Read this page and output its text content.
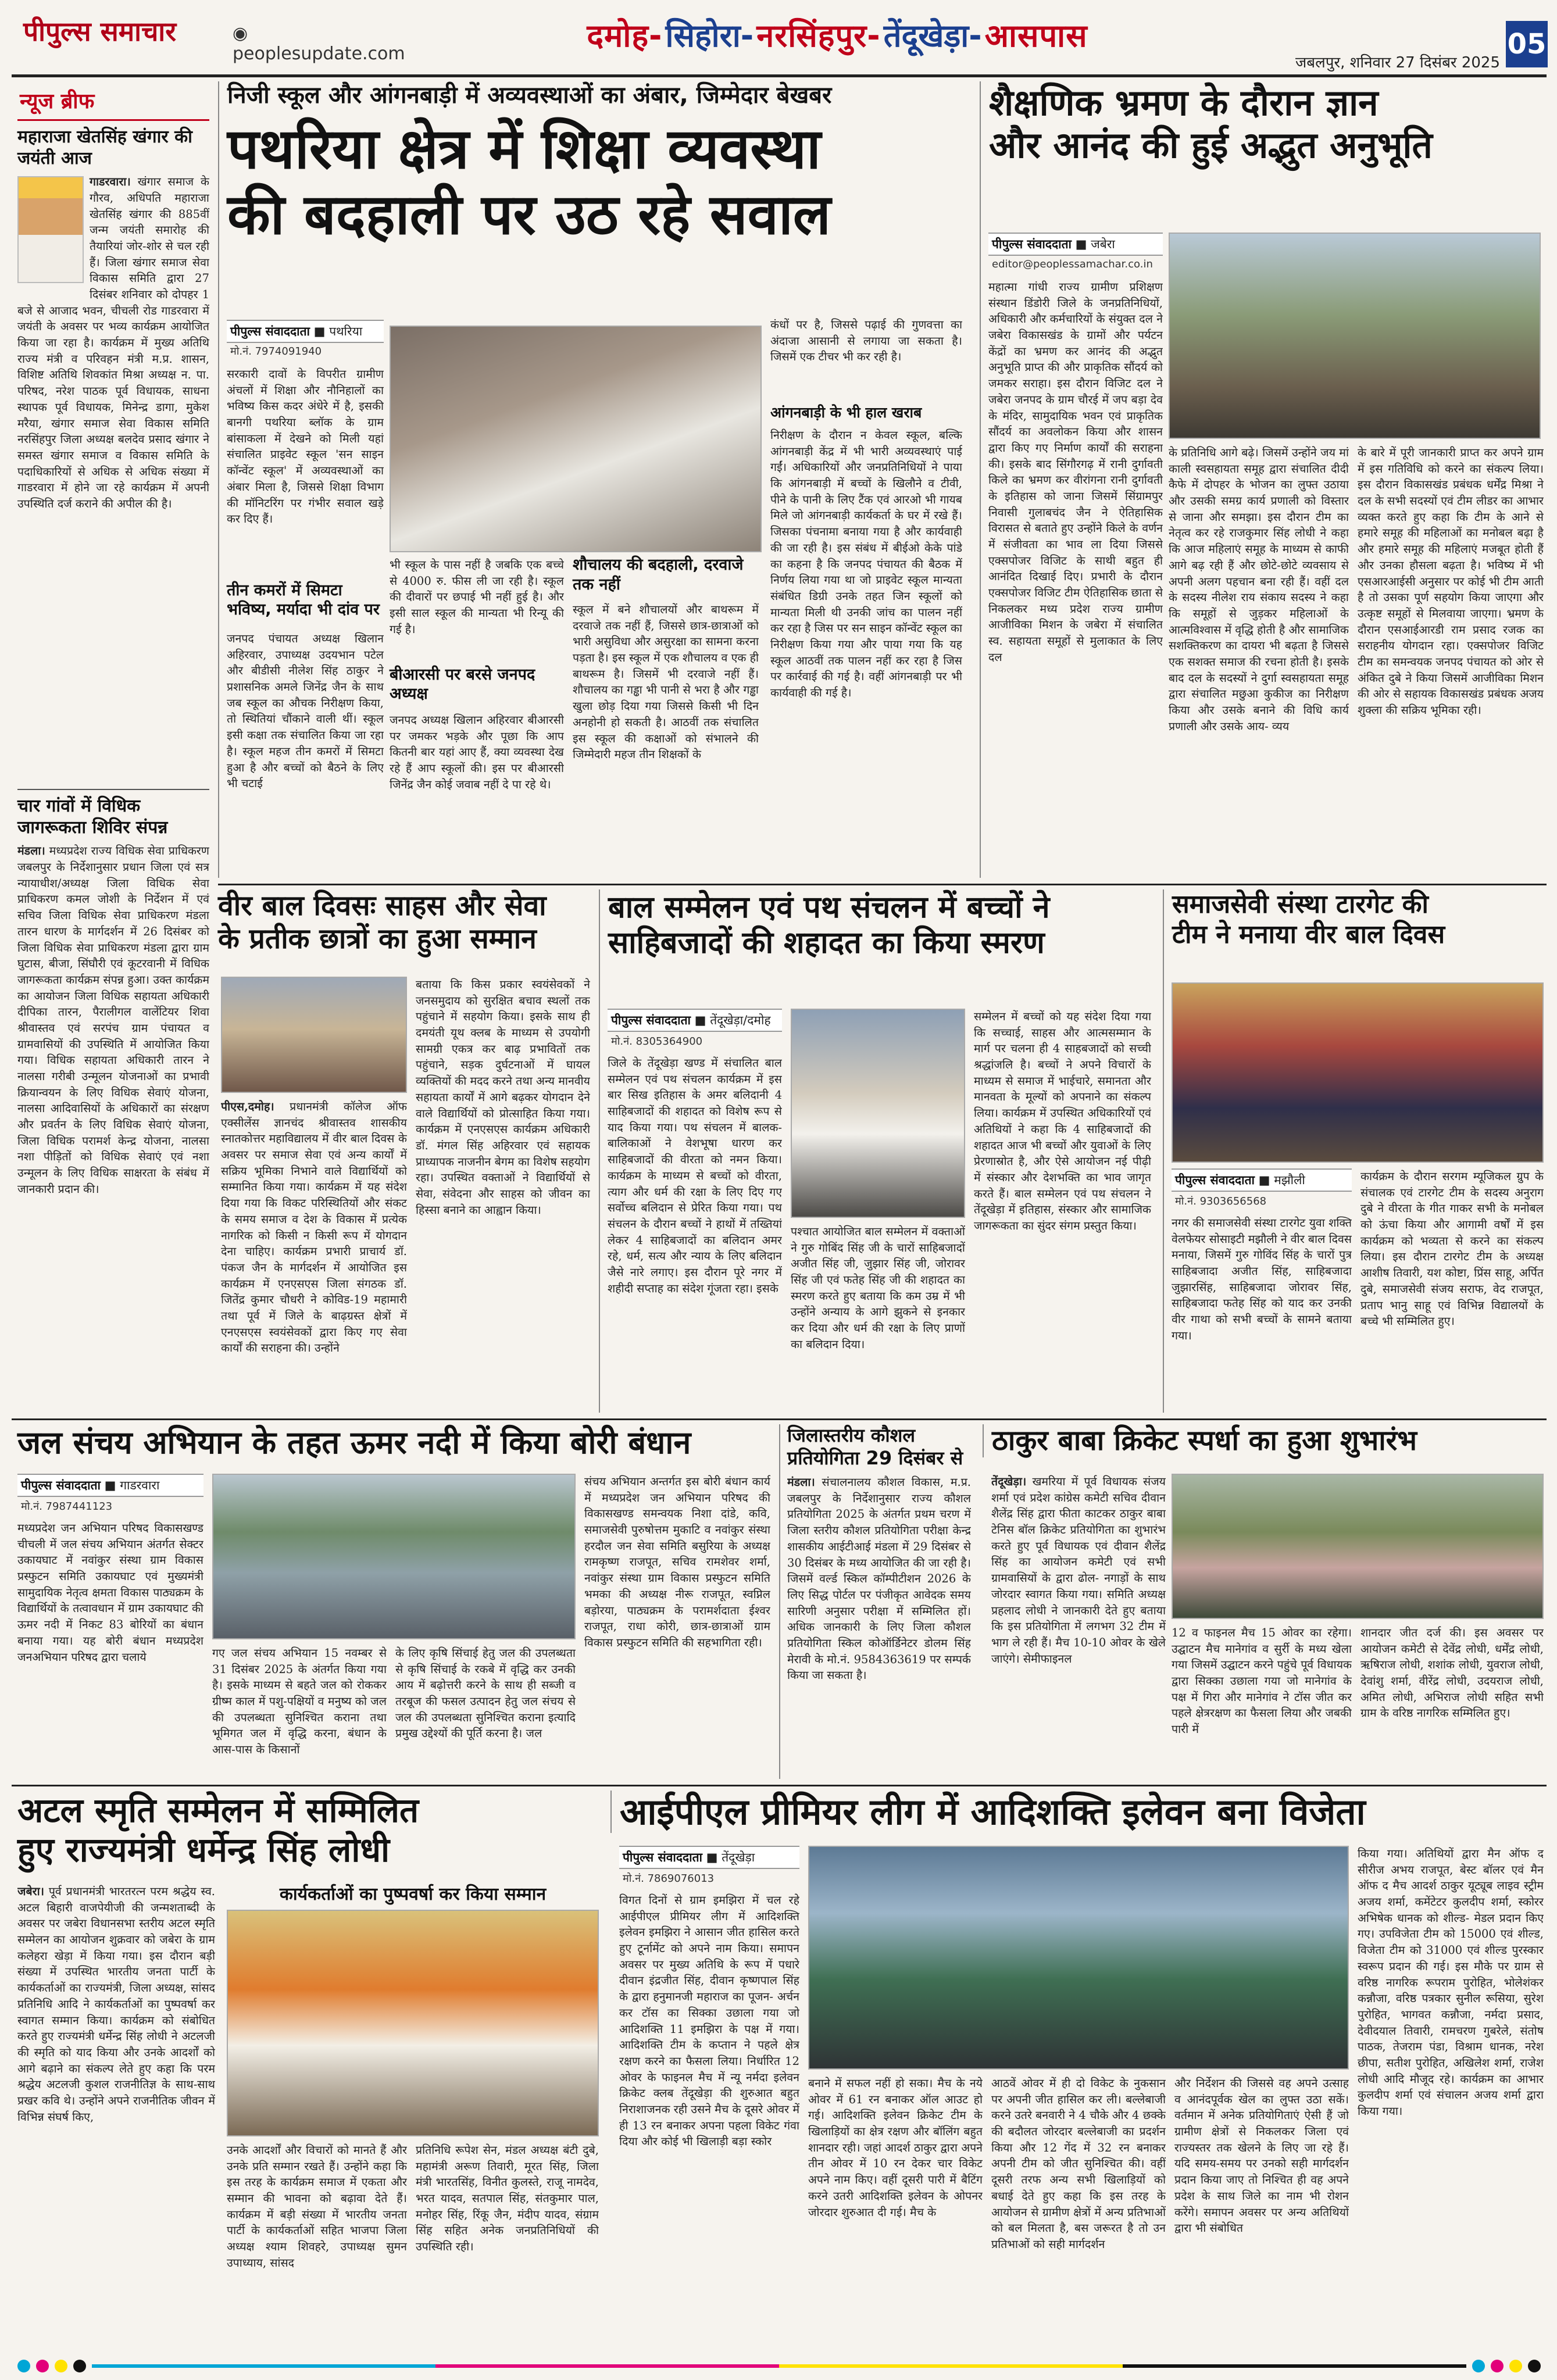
पीपुल्स समाचार	◉ peoplesupdate.com	दमोह- सिहोरा- नरसिंहपुर- तेंदूखेड़ा- आसपास
जबलपुर, शनिवार 27 दिसंबर 2025
05
न्यूज ब्रीफ
महाराजा खेतसिंह खंगार की जयंती आज
गाडरवारा। खंगार समाज के गौरव, अधिपति महाराजा खेतसिंह खंगार की 885वीं जन्म जयंती समारोह की तैयारियां जोर-शोर से चल रही हैं। जिला खंगार समाज सेवा विकास समिति द्वारा 27 दिसंबर शनिवार को दोपहर 1 बजे से आजाद भवन, चीचली रोड गाडरवारा में जयंती के अवसर पर भव्य कार्यक्रम आयोजित किया जा रहा है। कार्यक्रम में मुख्य अतिथि राज्य मंत्री व परिवहन मंत्री म.प्र. शासन, विशिष्ट अतिथि शिवकांत मिश्रा अध्यक्ष न. पा. परिषद, नरेश पाठक पूर्व विधायक, साधना स्थापक पूर्व विधायक, मिनेन्द्र डागा, मुकेश मरैया, खंगार समाज सेवा विकास समिति नरसिंहपुर जिला अध्यक्ष बलदेव प्रसाद खंगार ने समस्त खंगार समाज व विकास समिति के पदाधिकारियों से अधिक से अधिक संख्या में गाडरवारा में होने जा रहे कार्यक्रम में अपनी उपस्थिति दर्ज कराने की अपील की है।
चार गांवों में विधिक जागरूकता शिविर संपन्न
मंडला। मध्यप्रदेश राज्य विधिक सेवा प्राधिकरण जबलपुर के निर्देशानुसार प्रधान जिला एवं सत्र न्यायाधीश/अध्यक्ष जिला विधिक सेवा प्राधिकरण कमल जोशी के निर्देशन में एवं सचिव जिला विधिक सेवा प्राधिकरण मंडला तारन धारण के मार्गदर्शन में 26 दिसंबर को जिला विधिक सेवा प्राधिकरण मंडला द्वारा ग्राम घुटास, बीजा, सिंघौरी एवं कूटरवानी में विधिक जागरूकता कार्यक्रम संपन्न हुआ। उक्त कार्यक्रम का आयोजन जिला विधिक सहायता अधिकारी दीपिका तारन, पैरालीगल वालेंटियर शिवा श्रीवास्तव एवं सरपंच ग्राम पंचायत व ग्रामवासियों की उपस्थिति में आयोजित किया गया। विधिक सहायता अधिकारी तारन ने नालसा गरीबी उन्मूलन योजनाओं का प्रभावी क्रियान्वयन के लिए विधिक सेवाएं योजना, नालसा आदिवासियों के अधिकारों का संरक्षण और प्रवर्तन के लिए विधिक सेवाएं योजना, जिला विधिक परामर्श केन्द्र योजना, नालसा नशा पीड़ितों को विधिक सेवाएं एवं नशा उन्मूलन के लिए विधिक साक्षरता के संबंध में जानकारी प्रदान की।
निजी स्कूल और आंगनबाड़ी में अव्यवस्थाओं का अंबार, जिम्मेदार बेखबर
पथरिया क्षेत्र में शिक्षा व्यवस्था
की बदहाली पर उठ रहे सवाल
पीपुल्स संवाददाता ■ पथरिया
मो.नं. 7974091940
सरकारी दावों के विपरीत ग्रामीण अंचलों में शिक्षा और नौनिहालों का भविष्य किस कदर अंधेरे में है, इसकी बानगी पथरिया ब्लॉक के ग्राम बांसाकला में देखने को मिली यहां संचालित प्राइवेट स्कूल 'सन साइन कॉन्वेंट स्कूल' में अव्यवस्थाओं का अंबार मिला है, जिससे शिक्षा विभाग की मॉनिटरिंग पर गंभीर सवाल खड़े कर दिए हैं।
तीन कमरों में सिमटा भविष्य, मर्यादा भी दांव पर
जनपद पंचायत अध्यक्ष खिलान अहिरवार, उपाध्यक्ष उदयभान पटेल और बीडीसी नीलेश सिंह ठाकुर ने प्रशासनिक अमले जिनेंद्र जैन के साथ जब स्कूल का औचक निरीक्षण किया, तो स्थितियां चौंकाने वाली थीं। स्कूल इसी कक्षा तक संचालित किया जा रहा है। स्कूल महज तीन कमरों में सिमटा हुआ है और बच्चों को बैठने के लिए भी चटाई
भी स्कूल के पास नहीं है जबकि एक बच्चे से 4000 रु. फीस ली जा रही है। स्कूल की दीवारों पर छपाई भी नहीं हुई है। और इसी साल स्कूल की मान्यता भी रिन्यू की गई है।
बीआरसी पर बरसे जनपद अध्यक्ष
जनपद अध्यक्ष खिलान अहिरवार बीआरसी पर जमकर भड़के और पूछा कि आप कितनी बार यहां आए हैं, क्या व्यवस्था देख रहे हैं आप स्कूलों की। इस पर बीआरसी जिनेंद्र जैन कोई जवाब नहीं दे पा रहे थे।
शौचालय की बदहाली, दरवाजे तक नहीं
स्कूल में बने शौचालयों और बाथरूम में दरवाजे तक नहीं हैं, जिससे छात्र-छात्राओं को भारी असुविधा और असुरक्षा का सामना करना पड़ता है। इस स्कूल में एक शौचालय व एक ही बाथरूम है। जिसमें भी दरवाजे नहीं हैं। शौचालय का गड्ढा भी पानी से भरा है और गड्ढा खुला छोड़ दिया गया जिससे किसी भी दिन अनहोनी हो सकती है। आठवीं तक संचालित इस स्कूल की कक्षाओं को संभालने की जिम्मेदारी महज तीन शिक्षकों के
कंधों पर है, जिससे पढ़ाई की गुणवत्ता का अंदाजा आसानी से लगाया जा सकता है। जिसमें एक टीचर भी कर रही है।
आंगनबाड़ी के भी हाल खराब
निरीक्षण के दौरान न केवल स्कूल, बल्कि आंगनबाड़ी केंद्र में भी भारी अव्यवस्थाएं पाई गईं। अधिकारियों और जनप्रतिनिधियों ने पाया कि आंगनबाड़ी में बच्चों के खिलौने व टीवी, पीने के पानी के लिए टैंक एवं आरओ भी गायब मिले जो आंगनबाड़ी कार्यकर्ता के घर में रखे हैं। जिसका पंचनामा बनाया गया है और कार्यवाही की जा रही है। इस संबंध में बीईओ केके पांडे का कहना है कि जनपद पंचायत की बैठक में निर्णय लिया गया था जो प्राइवेट स्कूल मान्यता संबंधित डिग्री उनके तहत जिन स्कूलों को मान्यता मिली थी उनकी जांच का पालन नहीं कर रहा है जिस पर सन साइन कॉन्वेंट स्कूल का निरीक्षण किया गया और पाया गया कि यह स्कूल आठवीं तक पालन नहीं कर रहा है जिस पर कार्रवाई की गई है। वहीं आंगनबाड़ी पर भी कार्यवाही की गई है।
शैक्षणिक भ्रमण के दौरान ज्ञान
और आनंद की हुई अद्भुत अनुभूति
पीपुल्स संवाददाता ■ जबेरा
editor@peoplessamachar.co.in
महात्मा गांधी राज्य ग्रामीण प्रशिक्षण संस्थान डिंडोरी जिले के जनप्रतिनिधियों, अधिकारी और कर्मचारियों के संयुक्त दल ने जबेरा विकासखंड के ग्रामों और पर्यटन केंद्रों का भ्रमण कर आनंद की अद्भुत अनुभूति प्राप्त की और प्राकृतिक सौंदर्य को जमकर सराहा। इस दौरान विजिट दल ने जबेरा जनपद के ग्राम चौरई में जप बड़ा देव के मंदिर, सामुदायिक भवन एवं प्राकृतिक सौंदर्य का अवलोकन किया और शासन द्वारा किए गए निर्माण कार्यों की सराहना की। इसके बाद सिंगौरगढ़ में रानी दुर्गावती किले का भ्रमण कर वीरांगना रानी दुर्गावती के इतिहास को जाना जिसमें सिंग्रामपुर निवासी गुलाबचंद जैन ने ऐतिहासिक विरासत से बताते हुए उन्होंने किले के वर्णन में संजीवता का भाव ला दिया जिससे एक्सपोजर विजिट के साथी बहुत ही आनंदित दिखाई दिए। प्रभारी के दौरान एक्सपोजर विजिट टीम ऐतिहासिक छाता से निकलकर मध्य प्रदेश राज्य ग्रामीण आजीविका मिशन के जबेरा में संचालित स्व. सहायता समूहों से मुलाकात के लिए दल
के प्रतिनिधि आगे बढ़े। जिसमें उन्होंने जय मां काली स्वसहायता समूह द्वारा संचालित दीदी कैफे में दोपहर के भोजन का लुफ्त उठाया और उसकी समग्र कार्य प्रणाली को विस्तार से जाना और समझा। इस दौरान टीम का नेतृत्व कर रहे राजकुमार सिंह लोधी ने कहा कि आज महिलाएं समूह के माध्यम से काफी आगे बढ़ रही हैं और छोटे-छोटे व्यवसाय से अपनी अलग पहचान बना रही हैं। वहीं दल के सदस्य नीलेश राय संकाय सदस्य ने कहा कि समूहों से जुड़कर महिलाओं के आत्मविश्वास में वृद्धि होती है और सामाजिक सशक्तिकरण का दायरा भी बढ़ता है जिससे एक सशक्त समाज की रचना होती है। इसके बाद दल के सदस्यों ने दुर्गा स्वसहायता समूह द्वारा संचालित मछुआ कुकीज का निरीक्षण किया और उसके बनाने की विधि कार्य प्रणाली और उसके आय- व्यय
के बारे में पूरी जानकारी प्राप्त कर अपने ग्राम में इस गतिविधि को करने का संकल्प लिया। इस दौरान विकासखंड प्रबंधक धर्मेंद्र मिश्रा ने दल के सभी सदस्यों एवं टीम लीडर का आभार व्यक्त करते हुए कहा कि टीम के आने से हमारे समूह की महिलाओं का मनोबल बढ़ा है और हमारे समूह की महिलाएं मजबूत होती हैं और उनका हौसला बढ़ता है। भविष्य में भी एसआरआईसी अनुसार पर कोई भी टीम आती है तो उसका पूर्ण सहयोग किया जाएगा और उत्कृष्ट समूहों से मिलवाया जाएगा। भ्रमण के दौरान एसआईआरडी राम प्रसाद रजक का सराहनीय योगदान रहा। एक्सपोजर विजिट टीम का समन्वयक जनपद पंचायत को ओर से अंकित दुबे ने किया जिसमें आजीविका मिशन की ओर से सहायक विकासखंड प्रबंधक अजय शुक्ला की सक्रिय भूमिका रही।
वीर बाल दिवसः साहस और सेवा
के प्रतीक छात्रों का हुआ सम्मान
पीएस,दमोह। प्रधानमंत्री कॉलेज ऑफ एक्सीलेंस ज्ञानचंद श्रीवास्तव शासकीय स्नातकोत्तर महाविद्यालय में वीर बाल दिवस के अवसर पर समाज सेवा एवं अन्य कार्यों में सक्रिय भूमिका निभाने वाले विद्यार्थियों को सम्मानित किया गया। कार्यक्रम में यह संदेश दिया गया कि विकट परिस्थितियों और संकट के समय समाज व देश के विकास में प्रत्येक नागरिक को किसी न किसी रूप में योगदान देना चाहिए। कार्यक्रम प्रभारी प्राचार्य डॉ. पंकज जैन के मार्गदर्शन में आयोजित इस कार्यक्रम में एनएसएस जिला संगठक डॉ. जितेंद्र कुमार चौधरी ने कोविड-19 महामारी तथा पूर्व में जिले के बाढ़ग्रस्त क्षेत्रों में एनएसएस स्वयंसेवकों द्वारा किए गए सेवा कार्यों की सराहना की। उन्होंने
बताया कि किस प्रकार स्वयंसेवकों ने जनसमुदाय को सुरक्षित बचाव स्थलों तक पहुंचाने में सहयोग किया। इसके साथ ही दमयंती यूथ क्लब के माध्यम से उपयोगी सामग्री एकत्र कर बाढ़ प्रभावितों तक पहुंचाने, सड़क दुर्घटनाओं में घायल व्यक्तियों की मदद करने तथा अन्य मानवीय सहायता कार्यों में आगे बढ़कर योगदान देने वाले विद्यार्थियों को प्रोत्साहित किया गया। कार्यक्रम में एनएसएस कार्यक्रम अधिकारी डॉ. मंगल सिंह अहिरवार एवं सहायक प्राध्यापक नाजनीन बेगम का विशेष सहयोग रहा। उपस्थित वक्ताओं ने विद्यार्थियों से सेवा, संवेदना और साहस को जीवन का हिस्सा बनाने का आह्वान किया।
बाल सम्मेलन एवं पथ संचलन में बच्चों ने
साहिबजादों की शहादत का किया स्मरण
पीपुल्स संवाददाता ■ तेंदूखेड़ा/दमोह
मो.नं. 8305364900
जिले के तेंदूखेड़ा खण्ड में संचालित बाल सम्मेलन एवं पथ संचलन कार्यक्रम में इस बार सिख इतिहास के अमर बलिदानी 4 साहिबजादों की शहादत को विशेष रूप से याद किया गया। पथ संचलन में बालक-बालिकाओं ने वेशभूषा धारण कर साहिबजादों की वीरता को नमन किया। कार्यक्रम के माध्यम से बच्चों को वीरता, त्याग और धर्म की रक्षा के लिए दिए गए सर्वोच्च बलिदान से प्रेरित किया गया। पथ संचलन के दौरान बच्चों ने हाथों में तख्तियां लेकर 4 साहिबजादों का बलिदान अमर रहे, धर्म, सत्य और न्याय के लिए बलिदान जैसे नारे लगाए। इस दौरान पूरे नगर में शहीदी सप्ताह का संदेश गूंजता रहा। इसके
पश्चात आयोजित बाल सम्मेलन में वक्ताओं ने गुरु गोबिंद सिंह जी के चारों साहिबजादों अजीत सिंह जी, जुझार सिंह जी, जोरावर सिंह जी एवं फतेह सिंह जी की शहादत का स्मरण करते हुए बताया कि कम उम्र में भी उन्होंने अन्याय के आगे झुकने से इनकार कर दिया और धर्म की रक्षा के लिए प्राणों का बलिदान दिया।
सम्मेलन में बच्चों को यह संदेश दिया गया कि सच्चाई, साहस और आत्मसम्मान के मार्ग पर चलना ही 4 साहबजादों को सच्ची श्रद्धांजलि है। बच्चों ने अपने विचारों के माध्यम से समाज में भाईचारे, समानता और मानवता के मूल्यों को अपनाने का संकल्प लिया। कार्यक्रम में उपस्थित अधिकारियों एवं अतिथियों ने कहा कि 4 साहिबजादों की शहादत आज भी बच्चों और युवाओं के लिए प्रेरणास्रोत है, और ऐसे आयोजन नई पीढ़ी में संस्कार और देशभक्ति का भाव जागृत करते हैं। बाल सम्मेलन एवं पथ संचलन ने तेंदूखेड़ा में इतिहास, संस्कार और सामाजिक जागरूकता का सुंदर संगम प्रस्तुत किया।
समाजसेवी संस्था टारगेट की
टीम ने मनाया वीर बाल दिवस
पीपुल्स संवाददाता ■ मझौली
मो.नं. 9303656568
नगर की समाजसेवी संस्था टारगेट युवा शक्ति वेलफेयर सोसाइटी मझौली ने वीर बाल दिवस मनाया, जिसमें गुरु गोविंद सिंह के चारों पुत्र साहिबजादा अजीत सिंह, साहिबजादा जुझारसिंह, साहिबजादा जोरावर सिंह, साहिबजादा फतेह सिंह को याद कर उनकी वीर गाथा को सभी बच्चों के सामने बताया गया।
कार्यक्रम के दौरान सरगम म्यूजिकल ग्रुप के संचालक एवं टारगेट टीम के सदस्य अनुराग दुबे ने वीरता के गीत गाकर सभी के मनोबल को ऊंचा किया और आगामी वर्षों में इस कार्यक्रम को भव्यता से करने का संकल्प लिया। इस दौरान टारगेट टीम के अध्यक्ष आशीष तिवारी, यश कोष्टा, प्रिंस साहू, अर्पित दुबे, समाजसेवी संजय सराफ, वेद राजपूत, प्रताप भानु साहू एवं विभिन्न विद्यालयों के बच्चे भी सम्मिलित हुए।
जल संचय अभियान के तहत ऊमर नदी में किया बोरी बंधान
पीपुल्स संवाददाता ■ गाडरवारा
मो.नं. 7987441123
मध्यप्रदेश जन अभियान परिषद विकासखण्ड चीचली में जल संचय अभियान अंतर्गत सेक्टर उकायघाट में नवांकुर संस्था ग्राम विकास प्रस्फुटन समिति उकायघाट एवं मुख्यमंत्री सामुदायिक नेतृत्व क्षमता विकास पाठ्यक्रम के विद्यार्थियों के तत्वावधान में ग्राम उकायघाट की ऊमर नदी में निकट 83 बोरियों का बंधान बनाया गया। यह बोरी बंधान मध्यप्रदेश जनअभियान परिषद द्वारा चलाये	गए जल संचय अभियान 15 नवम्बर से 31 दिसंबर 2025 के अंतर्गत किया गया है। इसके माध्यम से बहते जल को रोककर ग्रीष्म काल में पशु-पक्षियों व मनुष्य को जल की उपलब्धता सुनिश्चित कराना तथा भूमिगत जल में वृद्धि करना, बंधान के आस-पास के किसानों
के लिए कृषि सिंचाई हेतु जल की उपलब्धता से कृषि सिंचाई के रकबे में वृद्धि कर उनकी आय में बढ़ोत्तरी करने के साथ ही सब्जी व तरबूज की फसल उत्पादन हेतु जल संचय से जल की उपलब्धता सुनिश्चित कराना इत्यादि प्रमुख उद्देश्यों की पूर्ति करना है। जल
संचय अभियान अन्तर्गत इस बोरी बंधान कार्य में मध्यप्रदेश जन अभियान परिषद की विकासखण्ड समन्वयक निशा दांडे, कवि, समाजसेवी पुरुषोत्तम मुकाटि व नवांकुर संस्था हरदौल जन सेवा समिति बसुरिया के अध्यक्ष रामकृष्ण राजपूत, सचिव रामशेवर शर्मा, नवांकुर संस्था ग्राम विकास प्रस्फुटन समिति भमका की अध्यक्ष नीरू राजपूत, स्वप्निल बड़ोरया, पाठ्यक्रम के परामर्शदाता ईश्वर राजपूत, राधा कोरी, छात्र-छात्राओं ग्राम विकास प्रस्फुटन समिति की सहभागिता रही।
जिलास्तरीय कौशल प्रतियोगिता 29 दिसंबर से
मंडला। संचालनालय कौशल विकास, म.प्र. जबलपुर के निर्देशानुसार राज्य कौशल प्रतियोगिता 2025 के अंतर्गत प्रथम चरण में जिला स्तरीय कौशल प्रतियोगिता परीक्षा केन्द्र शासकीय आईटीआई मंडला में 29 दिसंबर से 30 दिसंबर के मध्य आयोजित की जा रही है। जिसमें वर्ल्ड स्किल कॉम्पीटीशन 2026 के लिए सिद्ध पोर्टल पर पंजीकृत आवेदक समय सारिणी अनुसार परीक्षा में सम्मिलित हों। अधिक जानकारी के लिए जिला कौशल प्रतियोगिता स्किल कोऑर्डिनेटर डोलम सिंह मेरावी के मो.नं. 9584363619 पर सम्पर्क किया जा सकता है।
ठाकुर बाबा क्रिकेट स्पर्धा का हुआ शुभारंभ
तेंदूखेड़ा। खमरिया में पूर्व विधायक संजय शर्मा एवं प्रदेश कांग्रेस कमेटी सचिव दीवान शैलेंद्र सिंह द्वारा फीता काटकर ठाकुर बाबा टेनिस बॉल क्रिकेट प्रतियोगिता का शुभारंभ करते हुए पूर्व विधायक एवं दीवान शैलेंद्र सिंह का आयोजन कमेटी एवं सभी ग्रामवासियों के द्वारा ढोल- नगाड़ों के साथ जोरदार स्वागत किया गया। समिति अध्यक्ष प्रहलाद लोधी ने जानकारी देते हुए बताया कि इस प्रतियोगिता में लगभग 32 टीम में भाग ले रही हैं। मैच 10-10 ओवर के खेले जाएंगे। सेमीफाइनल
12 व फाइनल मैच 15 ओवर का रहेगा। उद्घाटन मैच मानेगांव व सुर्री के मध्य खेला गया जिसमें उद्घाटन करने पहुंचे पूर्व विधायक द्वारा सिक्का उछाला गया जो मानेगांव के पक्ष में गिरा और मानेगांव ने टॉस जीत कर पहले क्षेत्ररक्षण का फैसला लिया और जबकी पारी में
शानदार जीत दर्ज की। इस अवसर पर आयोजन कमेटी से देवेंद्र लोधी, धर्मेंद्र लोधी, ऋषिराज लोधी, शशांक लोधी, युवराज लोधी, देवांशु शर्मा, वीरेंद्र लोधी, उदयराज लोधी, अमित लोधी, अभिराज लोधी सहित सभी ग्राम के वरिष्ठ नागरिक सम्मिलित हुए।
अटल स्मृति सम्मेलन में सम्मिलित
हुए राज्यमंत्री धर्मेन्द्र सिंह लोधी
जबेरा। पूर्व प्रधानमंत्री भारतरत्न परम श्रद्धेय स्व. अटल बिहारी वाजपेयीजी की जन्मशताब्दी के अवसर पर जबेरा विधानसभा स्तरीय अटल स्मृति सम्मेलन का आयोजन शुक्रवार को जबेरा के ग्राम कलेहरा खेड़ा में किया गया। इस दौरान बड़ी संख्या में उपस्थित भारतीय जनता पार्टी के कार्यकर्ताओं का राज्यमंत्री, जिला अध्यक्ष, सांसद प्रतिनिधि आदि ने कार्यकर्ताओं का पुष्पवर्षा कर स्वागत सम्मान किया। कार्यक्रम को संबोधित करते हुए राज्यमंत्री धर्मेन्द्र सिंह लोधी ने अटलजी की स्मृति को याद किया और उनके आदर्शों को आगे बढ़ाने का संकल्प लेते हुए कहा कि परम श्रद्धेय अटलजी कुशल राजनीतिज्ञ के साथ-साथ प्रखर कवि थे। उन्होंने अपने राजनीतिक जीवन में विभिन्न संघर्ष किए,
कार्यकर्ताओं का पुष्पवर्षा कर किया सम्मान
उनके आदर्शों और विचारों को मानते हैं और उनके प्रति सम्मान रखते हैं। उन्होंने कहा कि इस तरह के कार्यक्रम समाज में एकता और सम्मान की भावना को बढ़ावा देते हैं। कार्यक्रम में बड़ी संख्या में भारतीय जनता पार्टी के कार्यकर्ताओं सहित भाजपा जिला अध्यक्ष श्याम शिवहरे, उपाध्यक्ष सुमन उपाध्याय, सांसद
प्रतिनिधि रूपेश सेन, मंडल अध्यक्ष बंटी दुबे, महामंत्री अरूण तिवारी, मूरत सिंह, जिला मंत्री भारतसिंह, विनीत कुलस्ते, राजू नामदेव, भरत यादव, सतपाल सिंह, संतकुमार पाल, मनोहर सिंह, रिंकू जैन, मंदीप यादव, संग्राम सिंह सहित अनेक जनप्रतिनिधियों की उपस्थिति रही।
आईपीएल प्रीमियर लीग में आदिशक्ति इलेवन बना विजेता
पीपुल्स संवाददाता ■ तेंदूखेड़ा
मो.नं. 7869076013
विगत दिनों से ग्राम इमझिरा में चल रहे आईपीएल प्रीमियर लीग में आदिशक्ति इलेवन इमझिरा ने आसान जीत हासिल करते हुए टूर्नामेंट को अपने नाम किया। समापन अवसर पर मुख्य अतिथि के रूप में पधारे दीवान इंद्रजीत सिंह, दीवान कृष्णपाल सिंह के द्वारा हनुमानजी महाराज का पूजन- अर्चन कर टॉस का सिक्का उछाला गया जो आदिशक्ति 11 इमझिरा के पक्ष में गया। आदिशक्ति टीम के कप्तान ने पहले क्षेत्र रक्षण करने का फैसला लिया। निर्धारित 12 ओवर के फाइनल मैच में न्यू नर्मदा इलेवन क्रिकेट क्लब तेंदूखेड़ा की शुरुआत बहुत निराशाजनक रही उसने मैच के दूसरे ओवर में ही 13 रन बनाकर अपना पहला विकेट गंवा दिया और कोई भी खिलाड़ी बड़ा स्कोर
बनाने में सफल नहीं हो सका। मैच के नये ओवर में 61 रन बनाकर ऑल आउट हो गई। आदिशक्ति इलेवन क्रिकेट टीम के खिलाड़ियों का क्षेत्र रक्षण और बॉलिंग बहुत शानदार रही। जहां आदर्श ठाकुर द्वारा अपने तीन ओवर में 10 रन देकर चार विकेट अपने नाम किए। वहीं दूसरी पारी में बैटिंग करने उतरी आदिशक्ति इलेवन के ओपनर जोरदार शुरुआत दी गई। मैच के
आठवें ओवर में ही दो विकेट के नुकसान पर अपनी जीत हासिल कर ली। बल्लेबाजी करने उतरे बनवारी ने 4 चौके और 4 छक्के की बदौलत जोरदार बल्लेबाजी का प्रदर्शन किया और 12 गेंद में 32 रन बनाकर अपनी टीम को जीत सुनिश्चित की। वहीं दूसरी तरफ अन्य सभी खिलाड़ियों को बधाई देते हुए कहा कि इस तरह के आयोजन से ग्रामीण क्षेत्रों में अन्य प्रतिभाओं को बल मिलता है, बस जरूरत है तो उन प्रतिभाओं को सही मार्गदर्शन
और निर्देशन की जिससे वह अपने उत्साह व आनंदपूर्वक खेल का लुफ्त उठा सकें। वर्तमान में अनेक प्रतियोगिताएं ऐसी हैं जो ग्रामीण क्षेत्रों से निकलकर जिला एवं राज्यस्तर तक खेलने के लिए जा रहे हैं। यदि समय-समय पर उनको सही मार्गदर्शन प्रदान किया जाए तो निश्चित ही वह अपने प्रदेश के साथ जिले का नाम भी रोशन करेंगे। समापन अवसर पर अन्य अतिथियों द्वारा भी संबोधित
किया गया। अतिथियों द्वारा मैन ऑफ द सीरीज अभय राजपूत, बेस्ट बॉलर एवं मैन ऑफ द मैच आदर्श ठाकुर यूट्यूब लाइव स्ट्रीम अजय शर्मा, कमेंटेटर कुलदीप शर्मा, स्कोरर अभिषेक धानक को शील्ड- मेडल प्रदान किए गए। उपविजेता टीम को 15000 एवं शील्ड, विजेता टीम को 31000 एवं शील्ड पुरस्कार स्वरूप प्रदान की गई। इस मौके पर ग्राम से वरिष्ठ नागरिक रूपराम पुरोहित, भोलेशंकर कन्नौजा, वरिष्ठ पत्रकार सुनील रूसिया, सुरेश पुरोहित, भागवत कन्नौजा, नर्मदा प्रसाद, देवीदयाल तिवारी, रामचरण गुबरेले, संतोष पाठक, तेजराम पंडा, विश्राम धानक, नरेश छीपा, सतीश पुरोहित, अखिलेश शर्मा, राजेश लोधी आदि मौजूद रहे। कार्यक्रम का आभार कुलदीप शर्मा एवं संचालन अजय शर्मा द्वारा किया गया।
